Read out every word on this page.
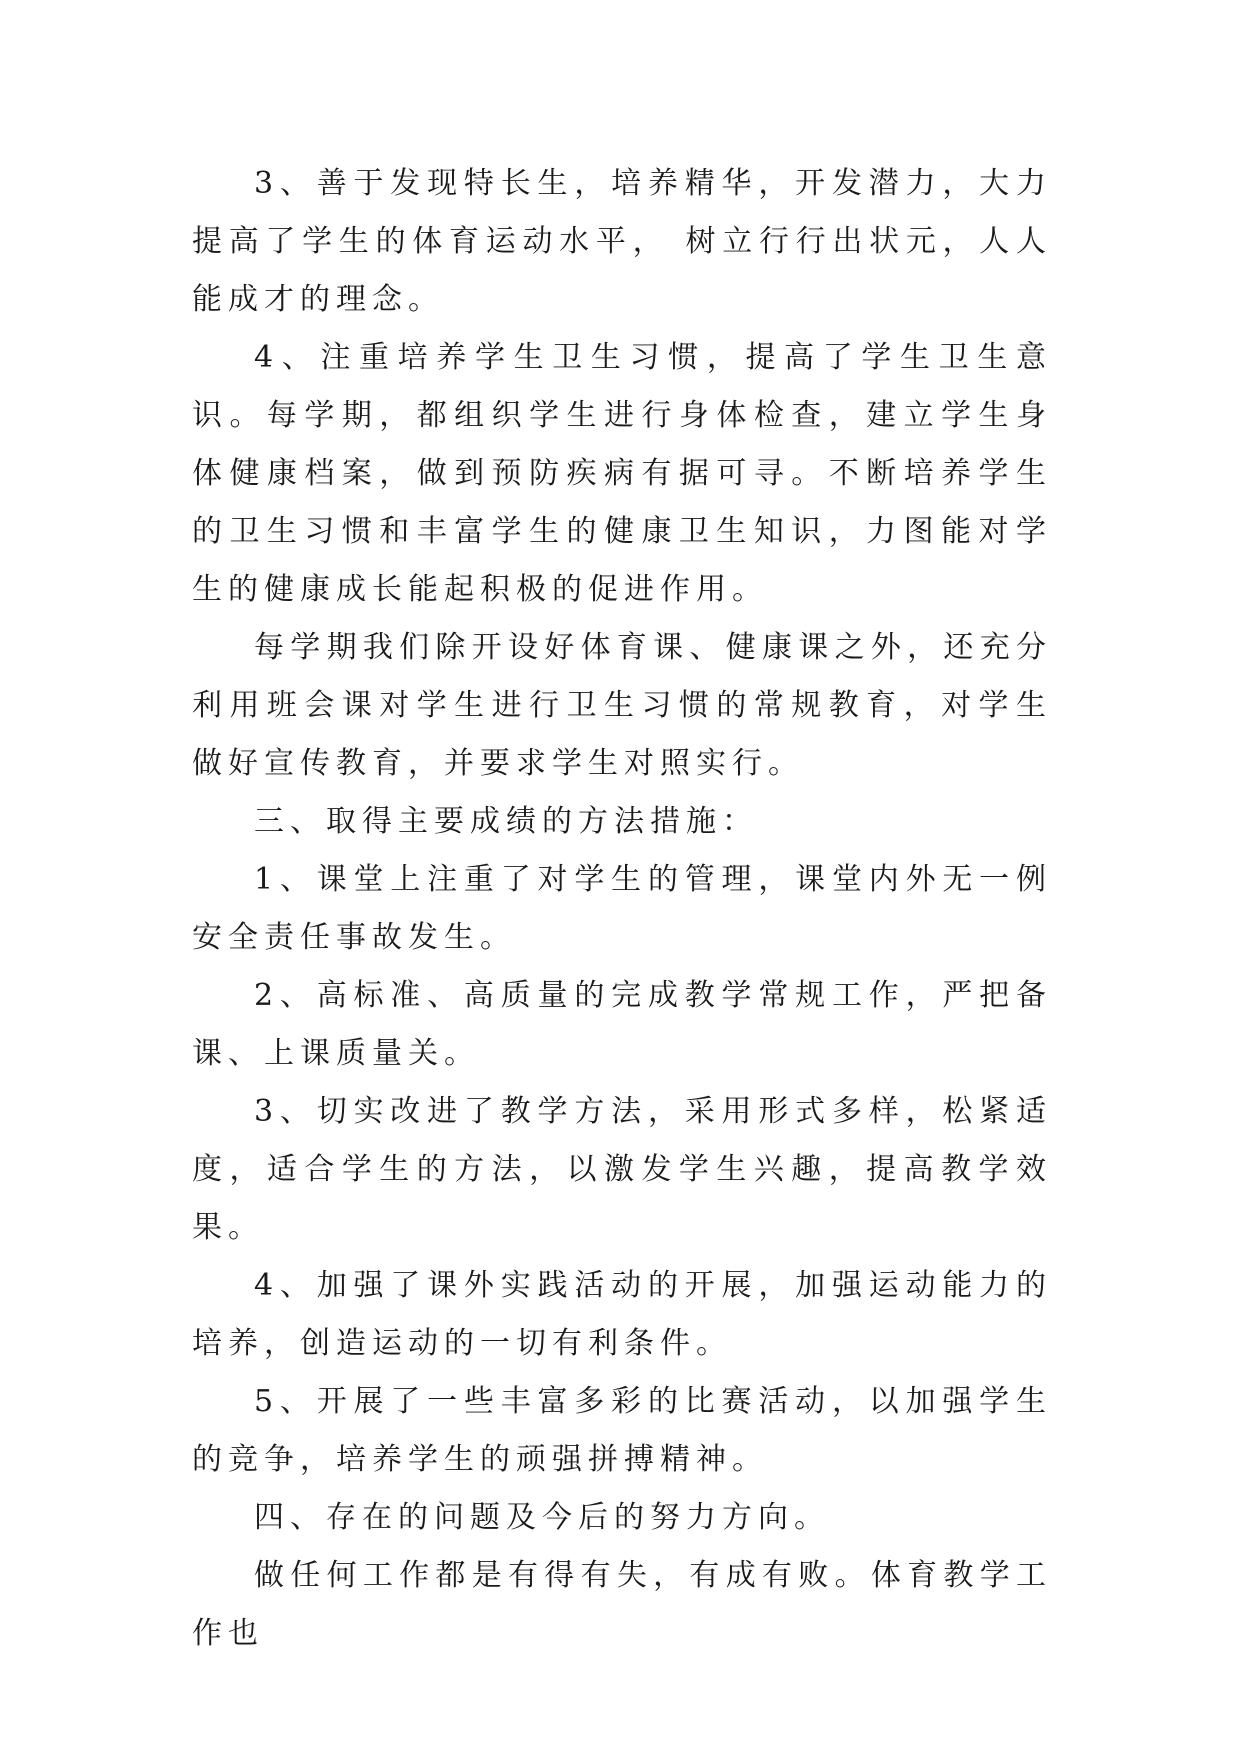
3、善于发现特长生，培养精华，开发潜力，大力提高了学生的体育运动水平， 树立行行出状元，人人能成才的理念。

4、注重培养学生卫生习惯，提高了学生卫生意识。每学期，都组织学生进行身体检查，建立学生身体健康档案，做到预防疾病有据可寻。不断培养学生的卫生习惯和丰富学生的健康卫生知识，力图能对学生的健康成长能起积极的促进作用。

每学期我们除开设好体育课、健康课之外，还充分利用班会课对学生进行卫生习惯的常规教育，对学生做好宣传教育，并要求学生对照实行。

三、取得主要成绩的方法措施：

1、课堂上注重了对学生的管理，课堂内外无一例安全责任事故发生。

2、高标准、高质量的完成教学常规工作，严把备课、上课质量关。

3、切实改进了教学方法，采用形式多样，松紧适度，适合学生的方法，以激发学生兴趣，提高教学效果。

4、加强了课外实践活动的开展，加强运动能力的培养，创造运动的一切有利条件。

5、开展了一些丰富多彩的比赛活动，以加强学生的竞争，培养学生的顽强拼搏精神。

四、存在的问题及今后的努力方向。

做任何工作都是有得有失，有成有败。体育教学工作也
